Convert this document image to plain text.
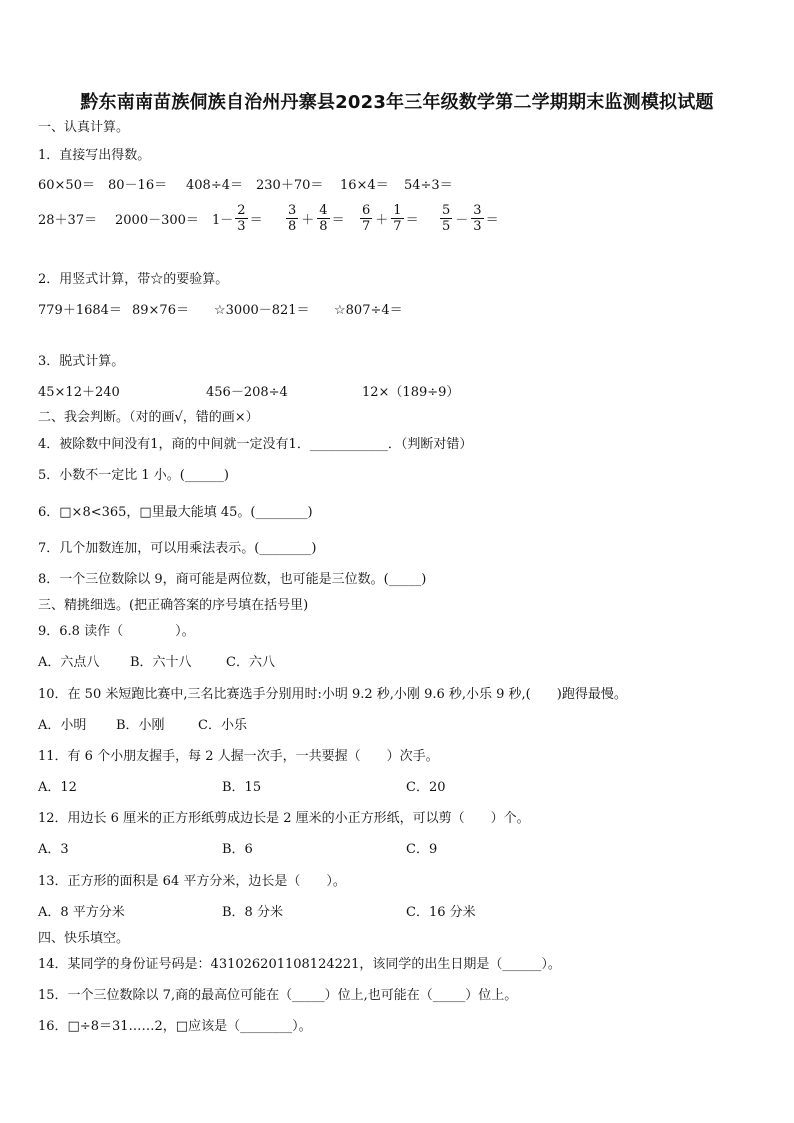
黔东南南苗族侗族自治州丹寨县2023年三年级数学第二学期期末监测模拟试题
一、认真计算。
1．直接写出得数。
60×50＝ 80－16＝ 408÷4＝ 230＋70＝ 16×4＝ 54÷3＝
$28+37= 2000-300= 1- \frac{2}{3} = \frac{3}{8} + \frac{4}{8} = \frac{6}{7} + \frac{1}{7} = \frac{5}{5} - \frac{3}{3}$ ＝
2．用竖式计算，带☆的要验算。
779＋1684＝ 89×76＝ ☆3000－821＝ ☆807÷4＝
3．脱式计算。
45×12＋240	456－208÷4	12×（189÷9）
二、我会判断。（对的画√，错的画×）
4．被除数中间没有1，商的中间就一定没有1．____________．（判断对错）
5．小数不一定比 1 小。(______)
6．□×8<365，□里最大能填 45。(________)
7．几个加数连加，可以用乘法表示。(________)
8．一个三位数除以 9，商可能是两位数，也可能是三位数。(_____)
三、精挑细选。(把正确答案的序号填在括号里)
9．6.8 读作（　　　　）。
A．六点八 B．六十八	C．六八
10．在 50 米短跑比赛中,三名比赛选手分别用时:小明 9.2 秒,小刚 9.6 秒,小乐 9 秒,(　　)跑得最慢。
A．小明 B．小刚	C．小乐
11．有 6 个小朋友握手，每 2 人握一次手，一共要握（　　）次手。
A．12	B．15	C．20
12．用边长 6 厘米的正方形纸剪成边长是 2 厘米的小正方形纸，可以剪（　　）个。
A．3	B．6	C．9
13．正方形的面积是 64 平方分米，边长是（　　）。
A．8 平方分米	B．8 分米	C．16 分米
四、快乐填空。
14．某同学的身份证号码是：431026201108124221，该同学的出生日期是（______）。
15．一个三位数除以 7,商的最高位可能在（_____）位上,也可能在（_____）位上。
16．□÷8＝31……2，□应该是（________）。
